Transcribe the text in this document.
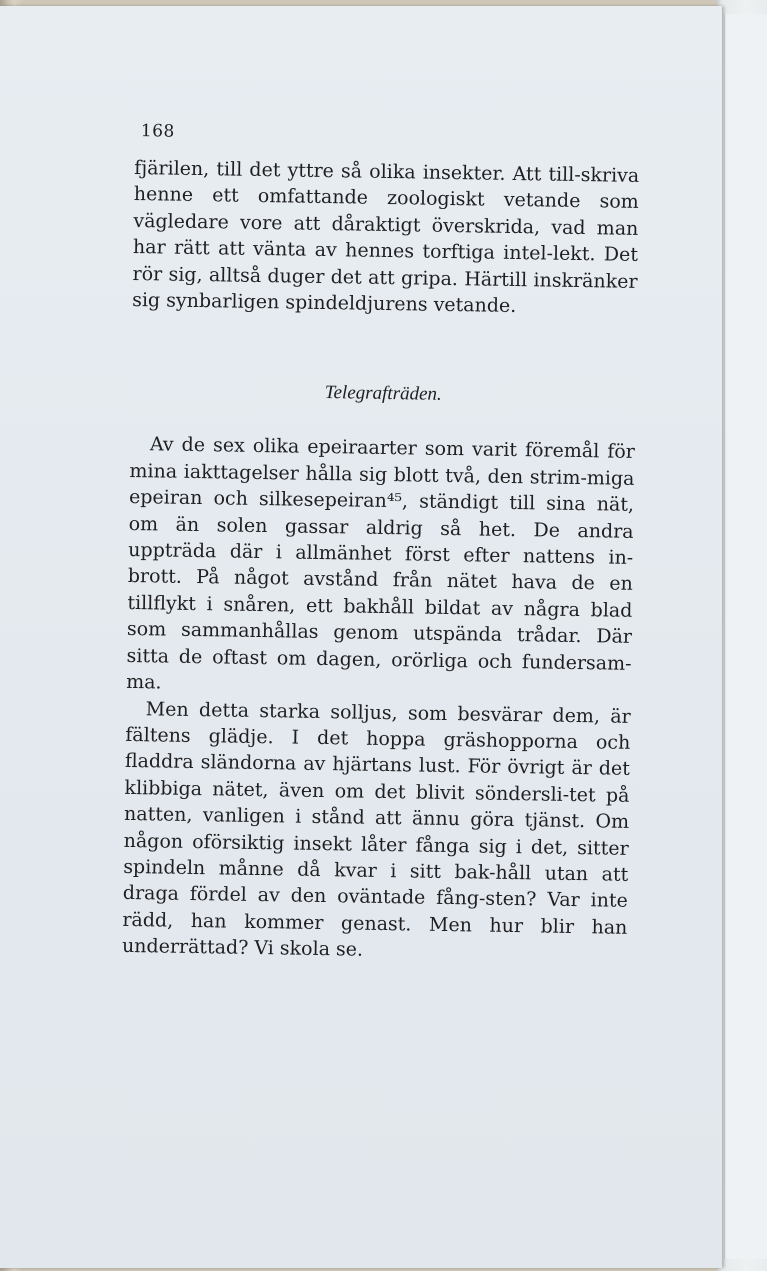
168

fjärilen, till det yttre så olika insekter. Att till-skriva henne ett omfattande zoologiskt vetande som vägledare vore att dåraktigt överskrida, vad man har rätt att vänta av hennes torftiga intel-lekt. Det rör sig, alltså duger det att gripa. Härtill inskränker sig synbarligen spindeldjurens vetande.

Telegrafträden.

Av de sex olika epeiraarter som varit föremål för mina iakttagelser hålla sig blott två, den strim-miga epeiran och silkesepeiran⁴⁵, ständigt till sina nät, om än solen gassar aldrig så het. De andra uppträda där i allmänhet först efter nattens in-brott. På något avstånd från nätet hava de en tillflykt i snåren, ett bakhåll bildat av några blad som sammanhållas genom utspända trådar. Där sitta de oftast om dagen, orörliga och fundersam-ma.

Men detta starka solljus, som besvärar dem, är fältens glädje. I det hoppa gräshopporna och fladdra sländorna av hjärtans lust. För övrigt är det klibbiga nätet, även om det blivit söndersli-tet på natten, vanligen i stånd att ännu göra tjänst. Om någon oförsiktig insekt låter fånga sig i det, sitter spindeln månne då kvar i sitt bak-håll utan att draga fördel av den oväntade fång-sten? Var inte rädd, han kommer genast. Men hur blir han underrättad? Vi skola se.
